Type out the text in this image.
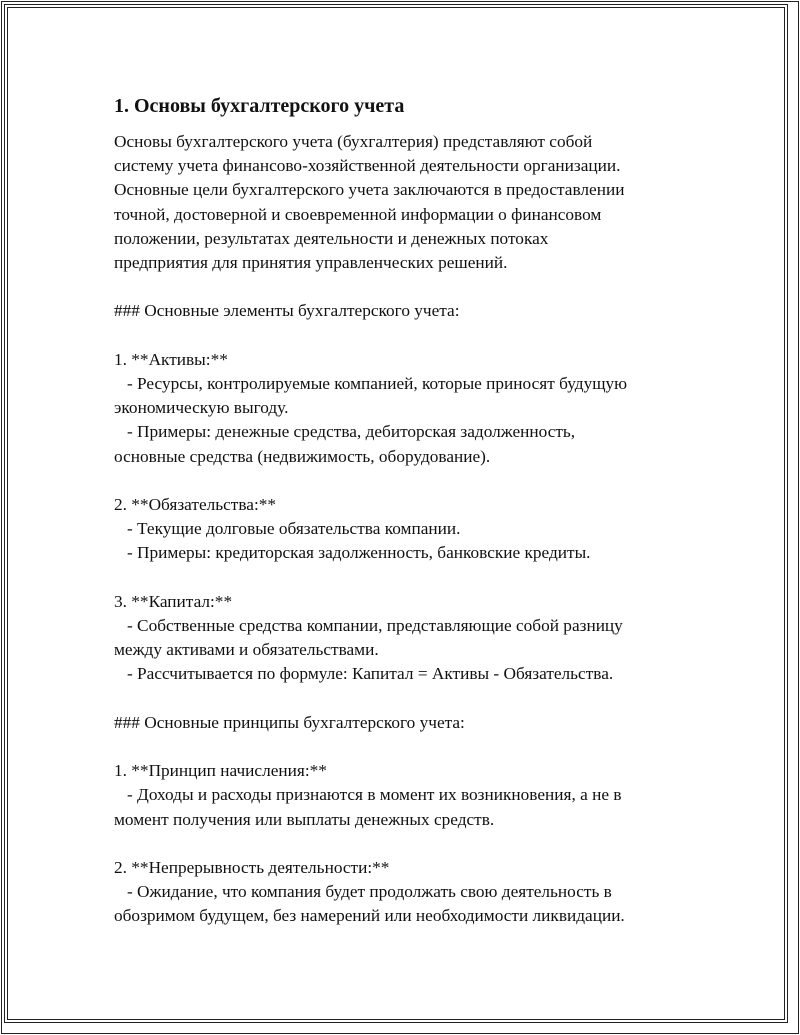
1. Основы бухгалтерского учета
Основы бухгалтерского учета (бухгалтерия) представляют собой
систему учета финансово-хозяйственной деятельности организации.
Основные цели бухгалтерского учета заключаются в предоставлении
точной, достоверной и своевременной информации о финансовом
положении, результатах деятельности и денежных потоках
предприятия для принятия управленческих решений.
### Основные элементы бухгалтерского учета:
1. **Активы:**
- Ресурсы, контролируемые компанией, которые приносят будущую
экономическую выгоду.
- Примеры: денежные средства, дебиторская задолженность,
основные средства (недвижимость, оборудование).
2. **Обязательства:**
- Текущие долговые обязательства компании.
- Примеры: кредиторская задолженность, банковские кредиты.
3. **Капитал:**
- Собственные средства компании, представляющие собой разницу
между активами и обязательствами.
- Рассчитывается по формуле: Капитал = Активы - Обязательства.
### Основные принципы бухгалтерского учета:
1. **Принцип начисления:**
- Доходы и расходы признаются в момент их возникновения, а не в
момент получения или выплаты денежных средств.
2. **Непрерывность деятельности:**
- Ожидание, что компания будет продолжать свою деятельность в
обозримом будущем, без намерений или необходимости ликвидации.
